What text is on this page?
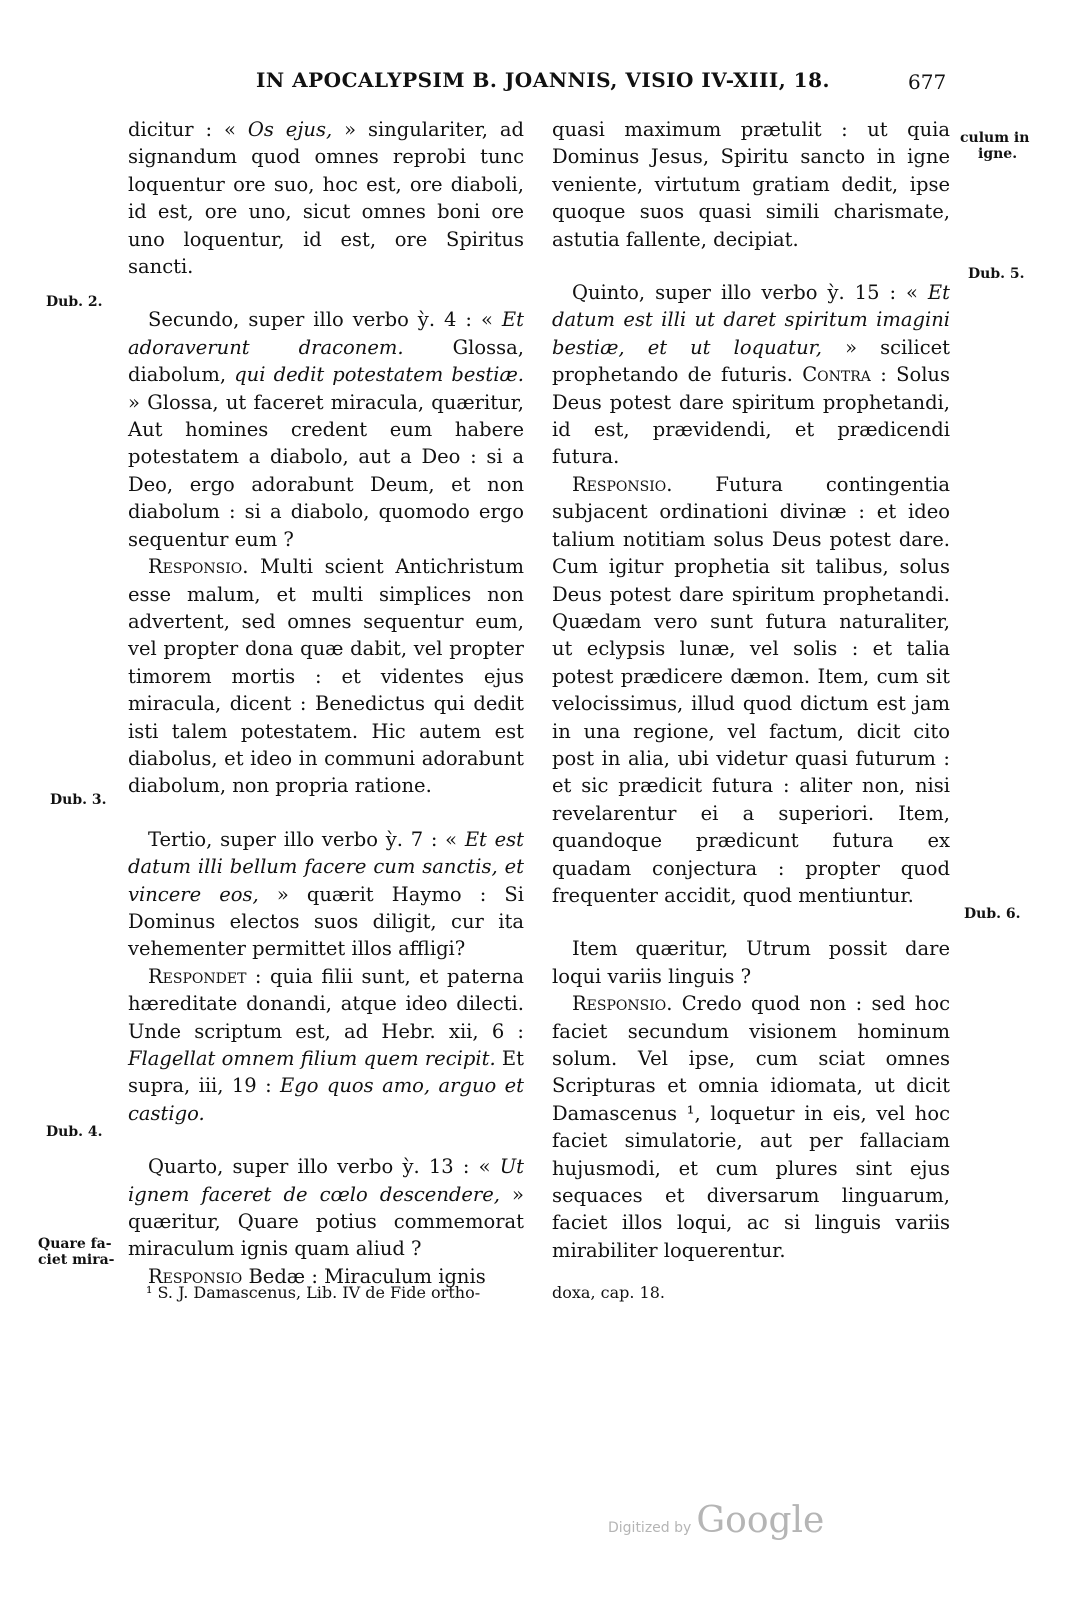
IN APOCALYPSIM B. JOANNIS, VISIO IV-XIII, 18.	677
Dub. 2.
Dub. 3.
Dub. 4.
Quare fa-
ciet mira-
culum in
igne.
Dub. 5.
Dub. 6.

dicitur : « Os ejus, » singulariter, ad signandum quod omnes reprobi tunc loquentur ore suo, hoc est, ore diaboli, id est, ore uno, sicut omnes boni ore uno loquentur, id est, ore Spiritus sancti.

Secundo, super illo verbo ỳ. 4 : « Et adoraverunt draconem. Glossa, diabolum, qui dedit potestatem bestiæ. » Glossa, ut faceret miracula, quæritur, Aut homines credent eum habere potestatem a diabolo, aut a Deo : si a Deo, ergo adorabunt Deum, et non diabolum : si a diabolo, quomodo ergo sequentur eum ?

Responsio. Multi scient Antichristum esse malum, et multi simplices non advertent, sed omnes sequentur eum, vel propter dona quæ dabit, vel propter timorem mortis : et videntes ejus miracula, dicent : Benedictus qui dedit isti talem potestatem. Hic autem est diabolus, et ideo in communi adorabunt diabolum, non propria ratione.

Tertio, super illo verbo ỳ. 7 : « Et est datum illi bellum facere cum sanctis, et vincere eos, » quærit Haymo : Si Dominus electos suos diligit, cur ita vehementer permittet illos affligi?

Respondet : quia filii sunt, et paterna hæreditate donandi, atque ideo dilecti. Unde scriptum est, ad Hebr. xii, 6 : Flagellat omnem filium quem recipit. Et supra, iii, 19 : Ego quos amo, arguo et castigo.

Quarto, super illo verbo ỳ. 13 : « Ut ignem faceret de cœlo descendere, » quæritur, Quare potius commemorat miraculum ignis quam aliud ?

Responsio Bedæ : Miraculum ignis

quasi maximum prætulit : ut quia Dominus Jesus, Spiritu sancto in igne veniente, virtutum gratiam dedit, ipse quoque suos quasi simili charismate, astutia fallente, decipiat.

Quinto, super illo verbo ỳ. 15 : « Et datum est illi ut daret spiritum imagini bestiæ, et ut loquatur, » scilicet prophetando de futuris. Contra : Solus Deus potest dare spiritum prophetandi, id est, prævidendi, et prædicendi futura.

Responsio. Futura contingentia subjacent ordinationi divinæ : et ideo talium notitiam solus Deus potest dare. Cum igitur prophetia sit talibus, solus Deus potest dare spiritum prophetandi. Quædam vero sunt futura naturaliter, ut eclypsis lunæ, vel solis : et talia potest prædicere dæmon. Item, cum sit velocissimus, illud quod dictum est jam in una regione, vel factum, dicit cito post in alia, ubi videtur quasi futurum : et sic prædicit futura : aliter non, nisi revelarentur ei a superiori. Item, quandoque prædicunt futura ex quadam conjectura : propter quod frequenter accidit, quod mentiuntur.

Item quæritur, Utrum possit dare loqui variis linguis ?

Responsio. Credo quod non : sed hoc faciet secundum visionem hominum solum. Vel ipse, cum sciat omnes Scripturas et omnia idiomata, ut dicit Damascenus ¹, loquetur in eis, vel hoc faciet simulatorie, aut per fallaciam hujusmodi, et cum plures sint ejus sequaces et diversarum linguarum, faciet illos loqui, ac si linguis variis mirabiliter loquerentur.

¹ S. J. Damascenus, Lib. IV de Fide ortho-	doxa, cap. 18.
Digitized by Google
